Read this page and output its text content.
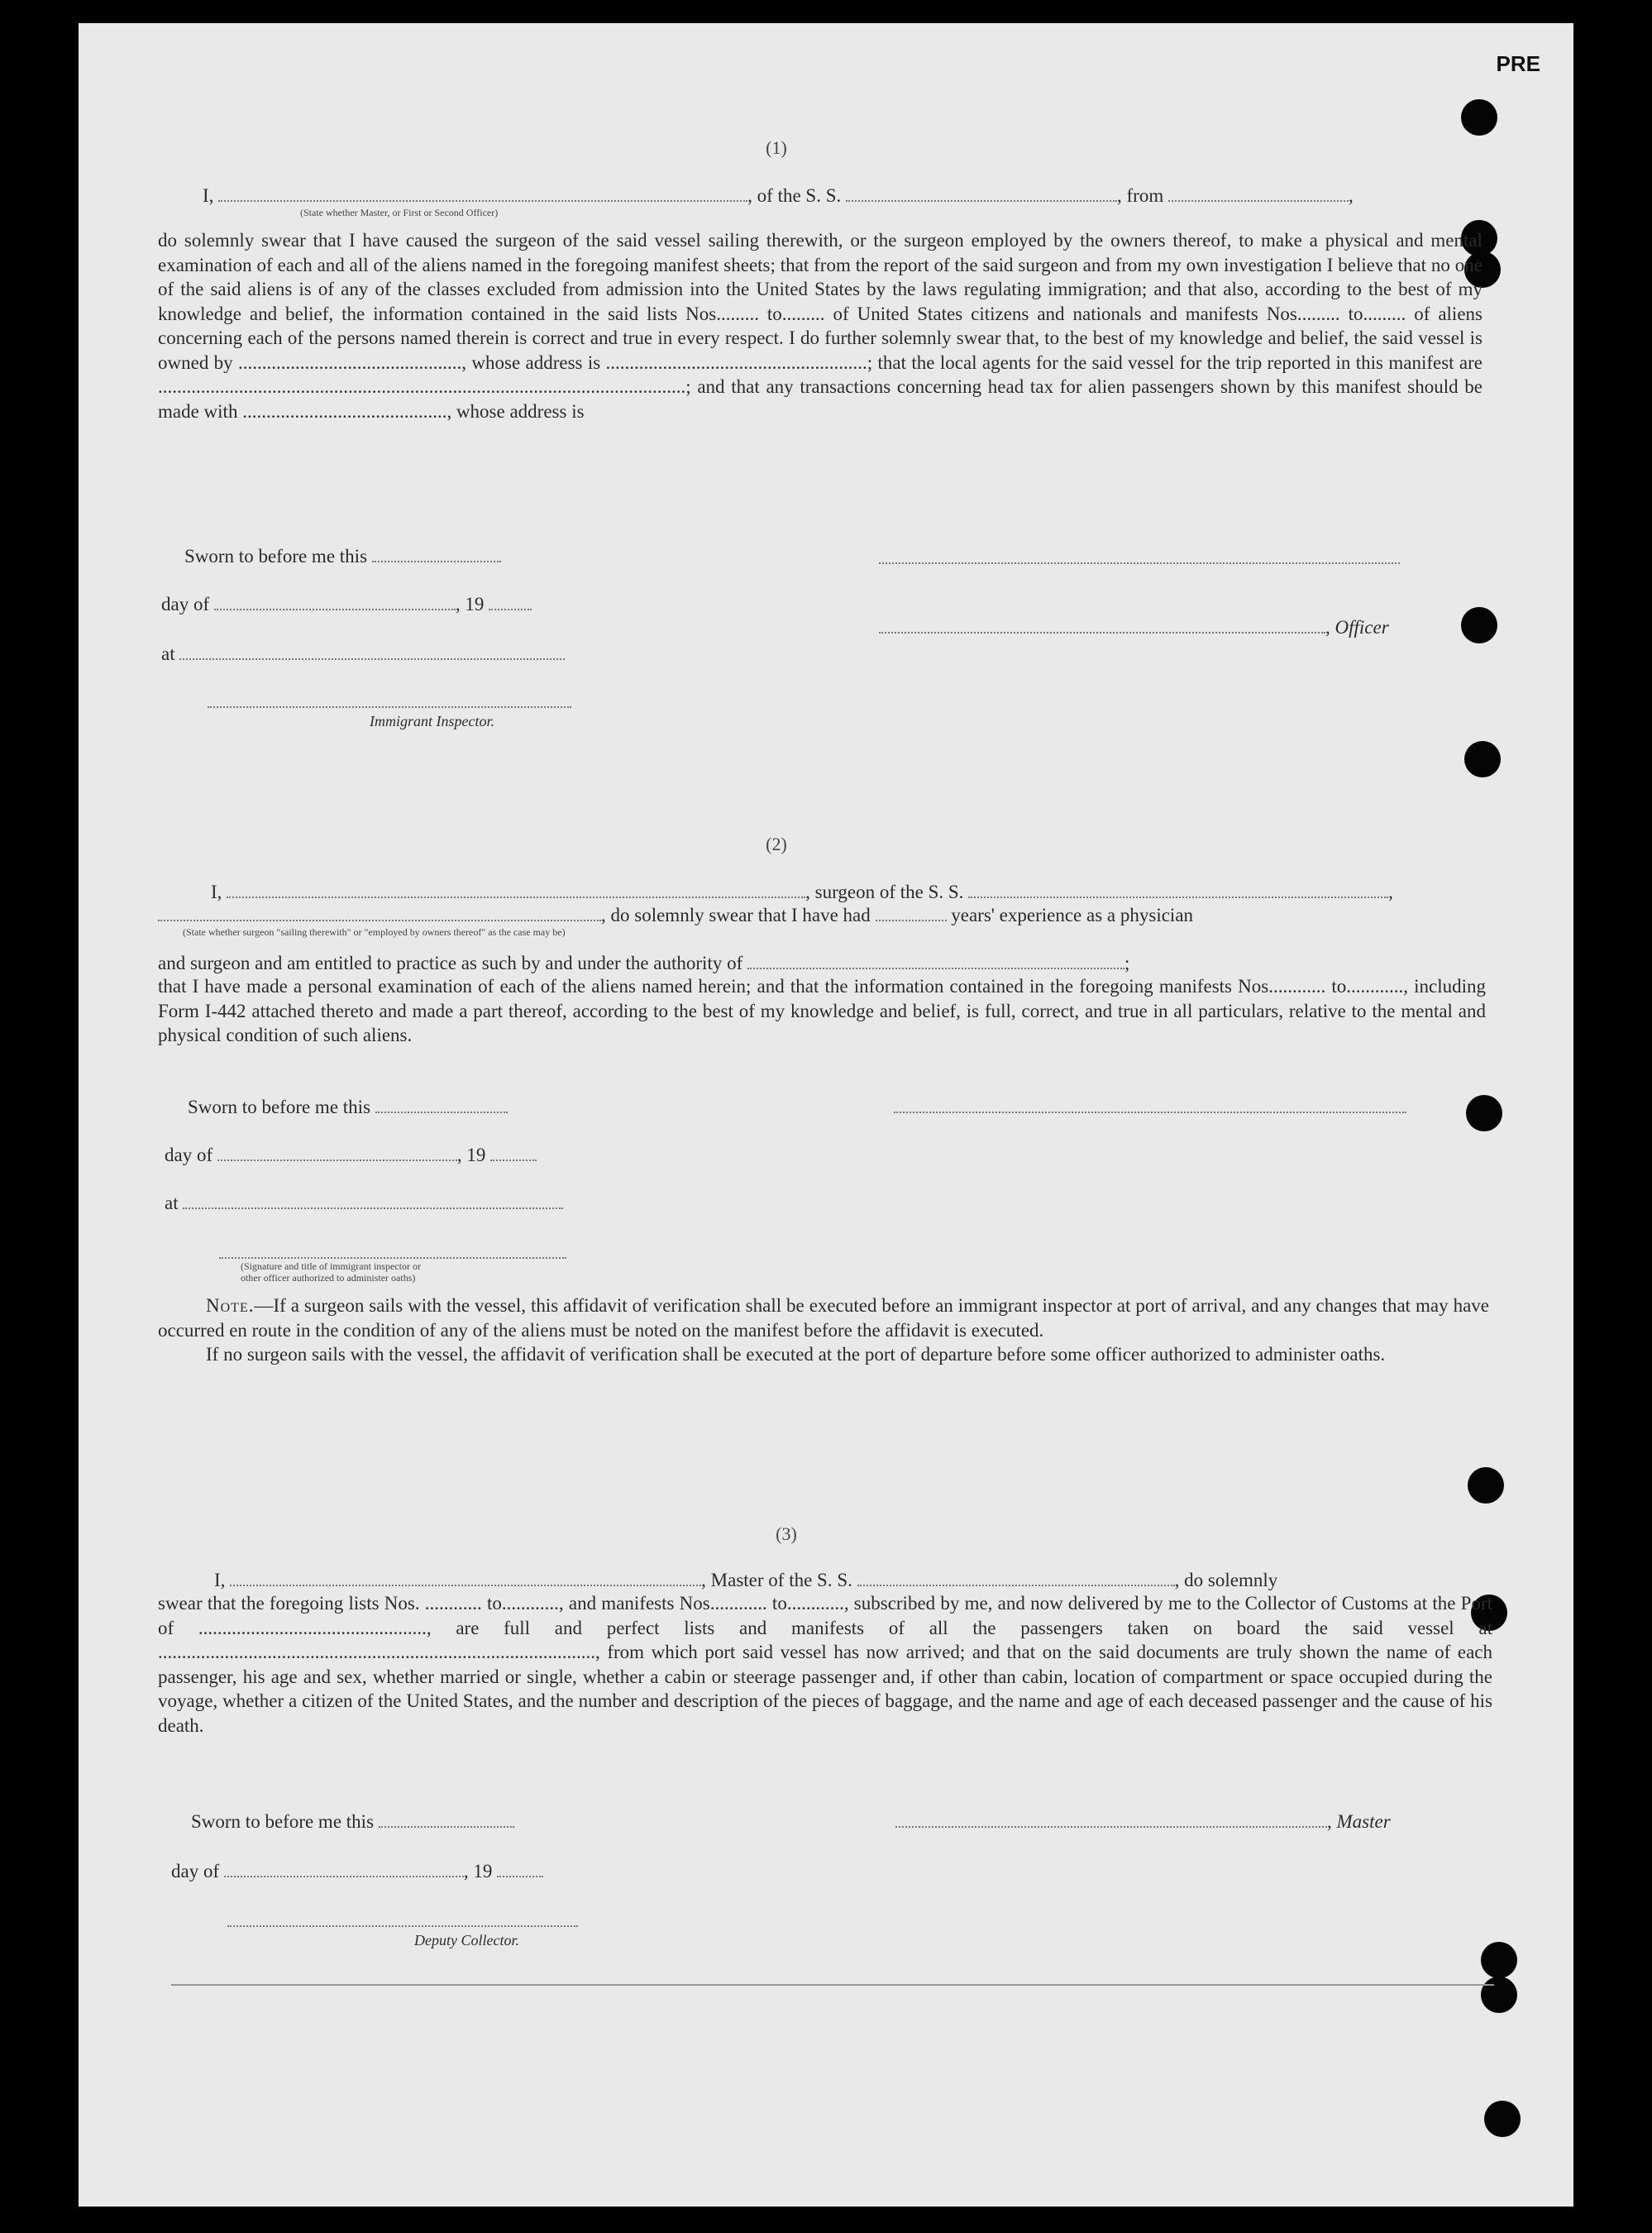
PRE
(1)
I,	, of the S. S.	, from	,
(State whether Master, or First or Second Officer)

do solemnly swear that I have caused the surgeon of the said vessel sailing therewith, or the surgeon employed by the owners thereof, to make a physical and mental examination of each and all of the aliens named in the foregoing manifest sheets; that from the report of the said surgeon and from my own investigation I believe that no one of the said aliens is of any of the classes excluded from admission into the United States by the laws regulating immigration; and that also, according to the best of my knowledge and belief, the information contained in the said lists Nos......... to......... of United States citizens and nationals and manifests Nos......... to......... of aliens concerning each of the persons named therein is correct and true in every respect. I do further solemnly swear that, to the best of my knowledge and belief, the said vessel is owned by ..............................................., whose address is .......................................................; that the local agents for the said vessel for the trip reported in this manifest are ...............................................................................................................; and that any transactions concerning head tax for alien passengers shown by this manifest should be made with ..........................................., whose address is

Sworn to before me this
day of	, 19
, Officer
at
Immigrant Inspector.
(2)
I,	, surgeon of the S. S.	,
, do solemnly swear that I have had	years' experience as a physician
(State whether surgeon "sailing therewith" or "employed by owners thereof" as the case may be)
and surgeon and am entitled to practice as such by and under the authority of	;

that I have made a personal examination of each of the aliens named herein; and that the information contained in the foregoing manifests Nos............ to............, including Form I-442 attached thereto and made a part thereof, according to the best of my knowledge and belief, is full, correct, and true in all particulars, relative to the mental and physical condition of such aliens.

Sworn to before me this
day of	, 19
at
(Signature and title of immigrant inspector or
other officer authorized to administer oaths)

Note.—If a surgeon sails with the vessel, this affidavit of verification shall be executed before an immigrant inspector at port of arrival, and any changes that may have occurred en route in the condition of any of the aliens must be noted on the manifest before the affidavit is executed.

If no surgeon sails with the vessel, the affidavit of verification shall be executed at the port of departure before some officer authorized to administer oaths.

(3)
I,	, Master of the S. S.	, do solemnly

swear that the foregoing lists Nos. ............ to............, and manifests Nos............ to............, subscribed by me, and now delivered by me to the Collector of Customs at the Port of ................................................, are full and perfect lists and manifests of all the passengers taken on board the said vessel at ............................................................................................, from which port said vessel has now arrived; and that on the said documents are truly shown the name of each passenger, his age and sex, whether married or single, whether a cabin or steerage passenger and, if other than cabin, location of compartment or space occupied during the voyage, whether a citizen of the United States, and the number and description of the pieces of baggage, and the name and age of each deceased passenger and the cause of his death.

Sworn to before me this	, Master
day of	, 19
Deputy Collector.
